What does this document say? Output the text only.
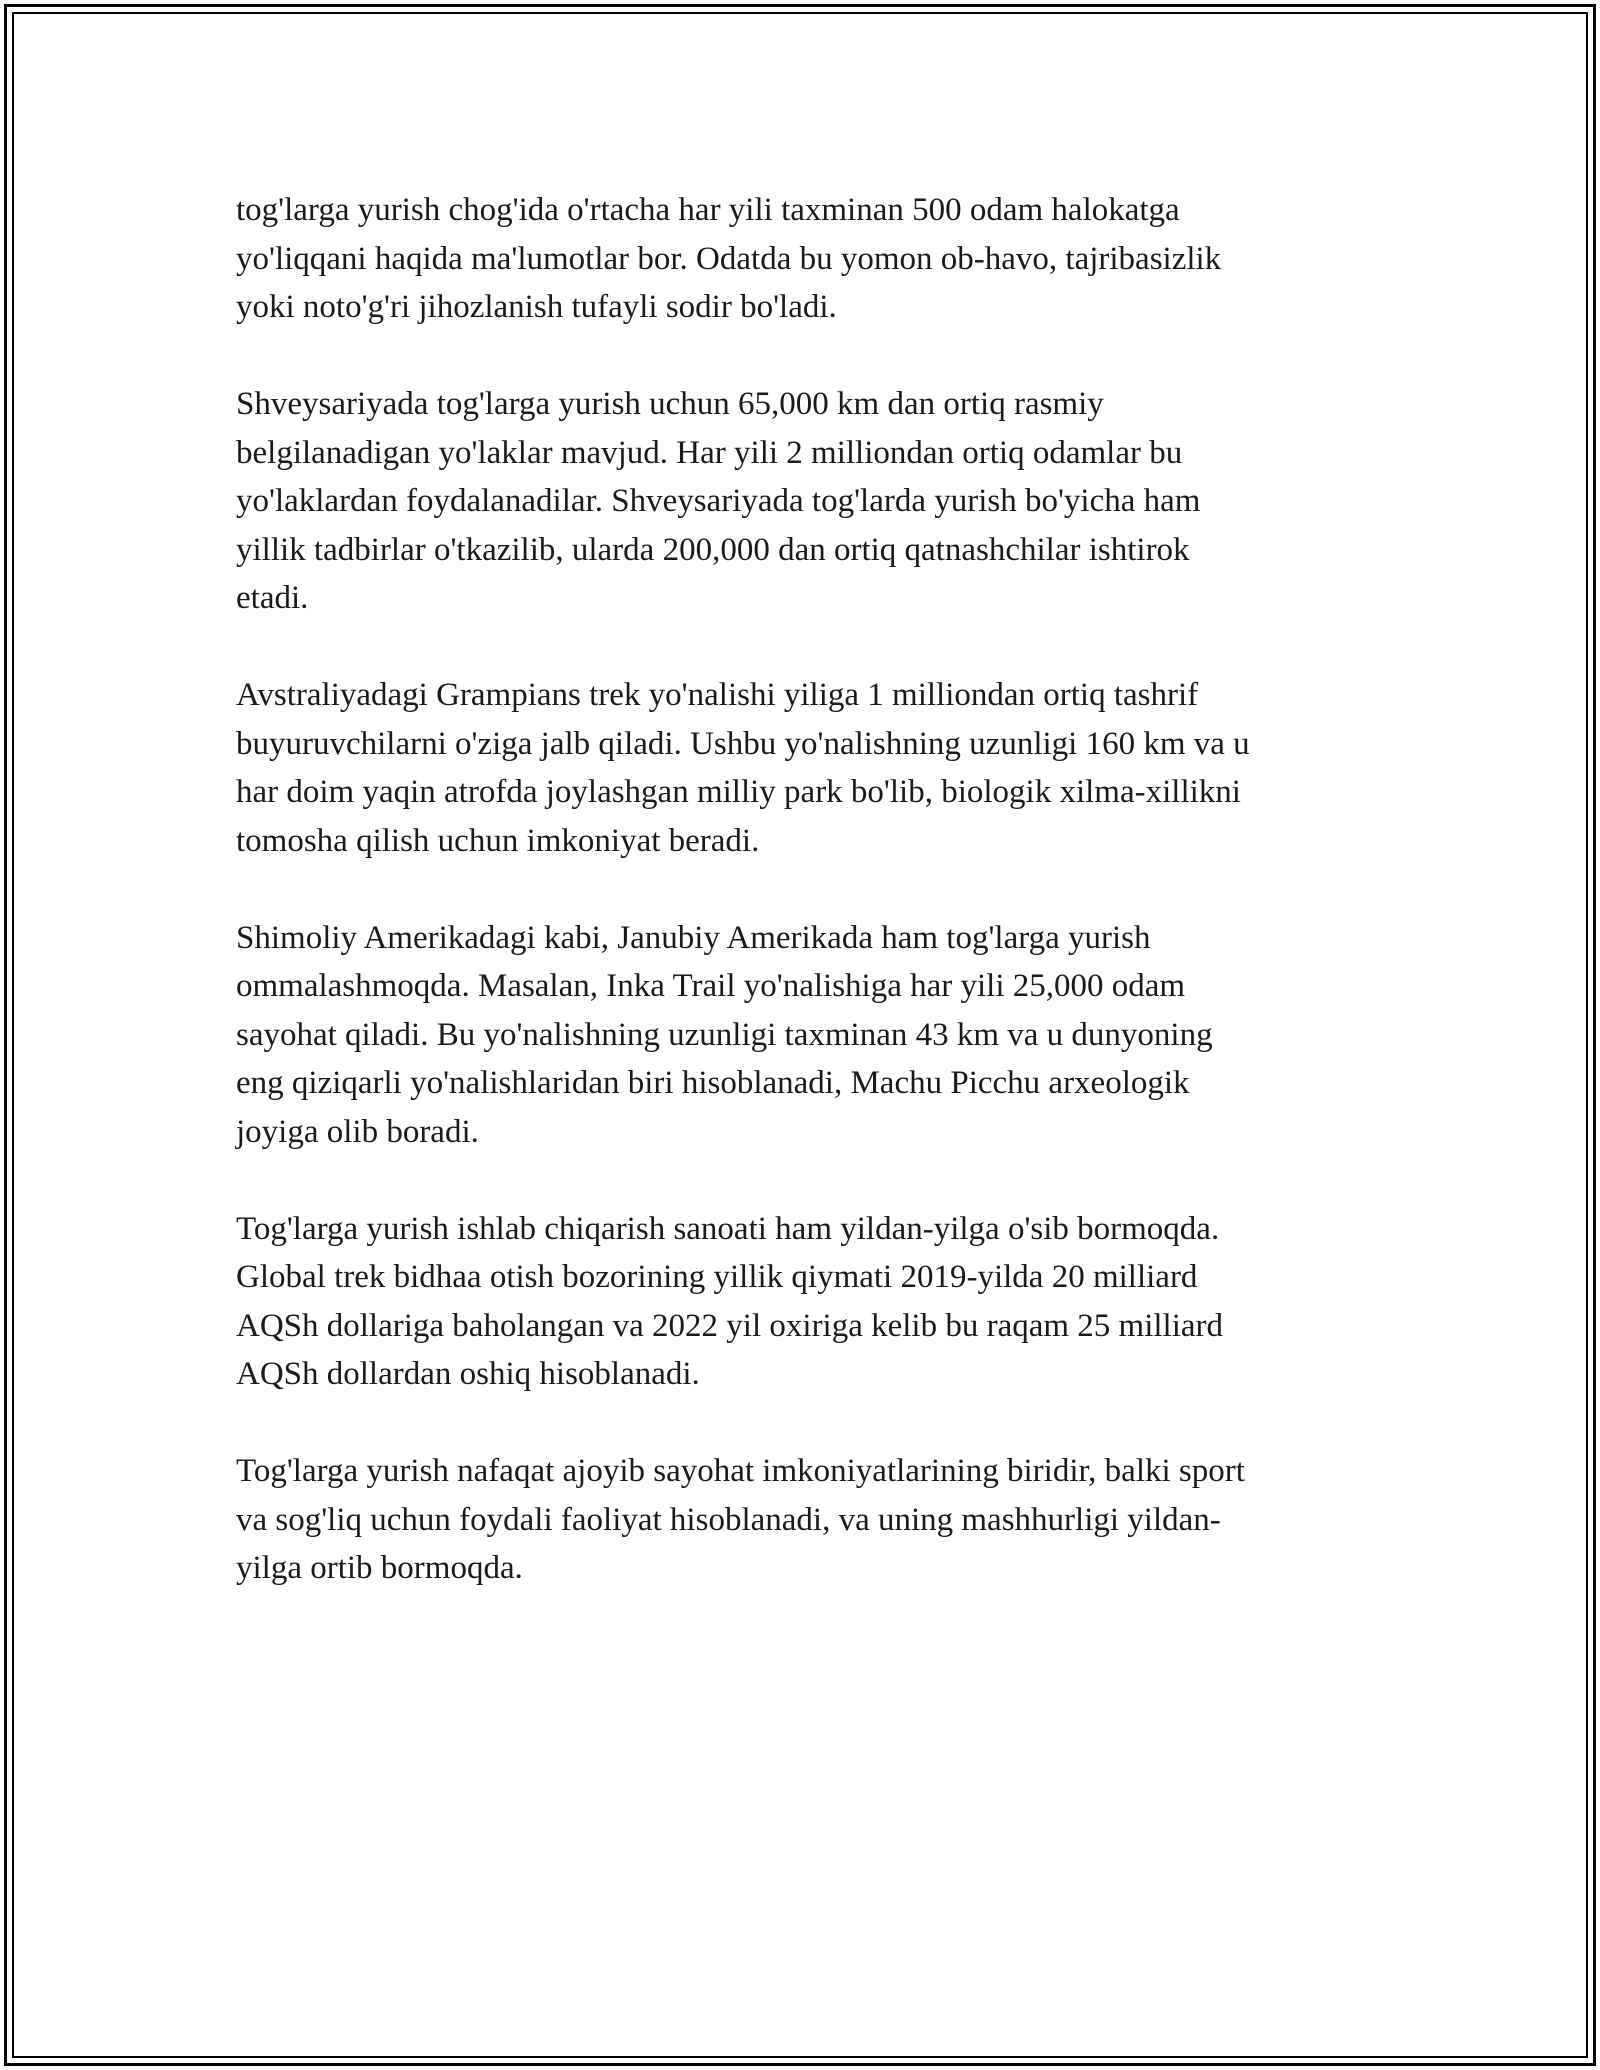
tog'larga yurish chog'ida o'rtacha har yili taxminan 500 odam halokatga
yo'liqqani haqida ma'lumotlar bor. Odatda bu yomon ob-havo, tajribasizlik
yoki noto'g'ri jihozlanish tufayli sodir bo'ladi.

Shveysariyada tog'larga yurish uchun 65,000 km dan ortiq rasmiy
belgilanadigan yo'laklar mavjud. Har yili 2 milliondan ortiq odamlar bu
yo'laklardan foydalanadilar. Shveysariyada tog'larda yurish bo'yicha ham
yillik tadbirlar o'tkazilib, ularda 200,000 dan ortiq qatnashchilar ishtirok
etadi.

Avstraliyadagi Grampians trek yo'nalishi yiliga 1 milliondan ortiq tashrif
buyuruvchilarni o'ziga jalb qiladi. Ushbu yo'nalishning uzunligi 160 km va u
har doim yaqin atrofda joylashgan milliy park bo'lib, biologik xilma-xillikni
tomosha qilish uchun imkoniyat beradi.

Shimoliy Amerikadagi kabi, Janubiy Amerikada ham tog'larga yurish
ommalashmoqda. Masalan, Inka Trail yo'nalishiga har yili 25,000 odam
sayohat qiladi. Bu yo'nalishning uzunligi taxminan 43 km va u dunyoning
eng qiziqarli yo'nalishlaridan biri hisoblanadi, Machu Picchu arxeologik
joyiga olib boradi.

Tog'larga yurish ishlab chiqarish sanoati ham yildan-yilga o'sib bormoqda.
Global trek bidhaa otish bozorining yillik qiymati 2019-yilda 20 milliard
AQSh dollariga baholangan va 2022 yil oxiriga kelib bu raqam 25 milliard
AQSh dollardan oshiq hisoblanadi.

Tog'larga yurish nafaqat ajoyib sayohat imkoniyatlarining biridir, balki sport
va sog'liq uchun foydali faoliyat hisoblanadi, va uning mashhurligi yildan-
yilga ortib bormoqda.
